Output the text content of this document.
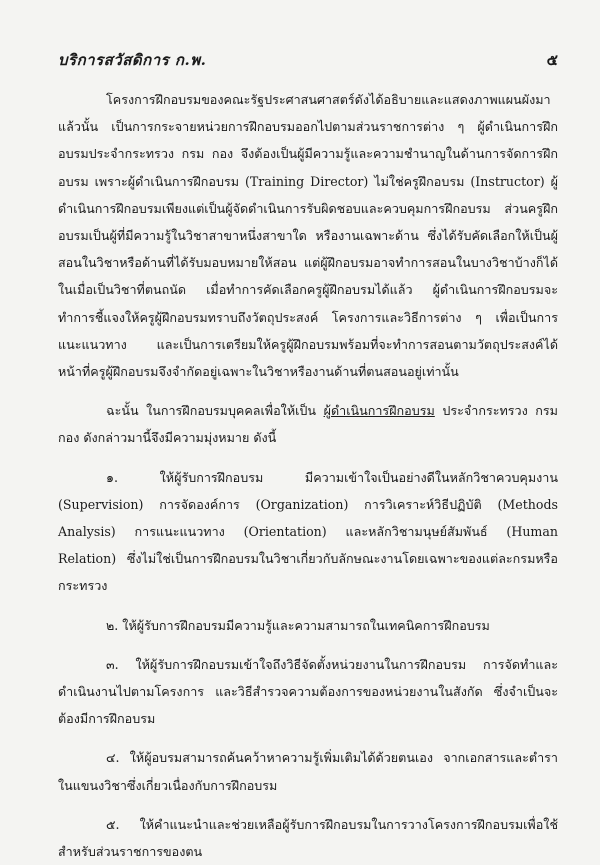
บริการสวัสดิการ ก.พ.	๕

โครงการฝึกอบรมของคณะรัฐประศาสนศาสตร์ดังได้อธิบายและแสดงภาพแผนผังมาแล้วนั้น เป็นการกระจายหน่วยการฝึกอบรมออกไปตามส่วนราชการต่าง ๆ ผู้ดำเนินการฝึกอบรมประจำกระทรวง กรม กอง จึงต้องเป็นผู้มีความรู้และความชำนาญในด้านการจัดการฝึกอบรม เพราะผู้ดำเนินการฝึกอบรม (Training Director) ไม่ใช่ครูฝึกอบรม (Instructor) ผู้ดำเนินการฝึกอบรมเพียงแต่เป็นผู้จัดดำเนินการรับผิดชอบและควบคุมการฝึกอบรม ส่วนครูฝึกอบรมเป็นผู้ที่มีความรู้ในวิชาสาขาหนึ่งสาขาใด หรืองานเฉพาะด้าน ซึ่งได้รับคัดเลือกให้เป็นผู้สอนในวิชาหรือด้านที่ได้รับมอบหมายให้สอน แต่ผู้ฝึกอบรมอาจทำการสอนในบางวิชาบ้างก็ได้ในเมื่อเป็นวิชาที่ตนถนัด เมื่อทำการคัดเลือกครูผู้ฝึกอบรมได้แล้ว ผู้ดำเนินการฝึกอบรมจะทำการชี้แจงให้ครูผู้ฝึกอบรมทราบถึงวัตถุประสงค์ โครงการและวิธีการต่าง ๆ เพื่อเป็นการแนะแนวทาง และเป็นการเตรียมให้ครูผู้ฝึกอบรมพร้อมที่จะทำการสอนตามวัตถุประสงค์ได้ หน้าที่ครูผู้ฝึกอบรมจึงจำกัดอยู่เฉพาะในวิชาหรืองานด้านที่ตนสอนอยู่เท่านั้น

ฉะนั้น ในการฝึกอบรมบุคคลเพื่อให้เป็น ผู้ดำเนินการฝึกอบรม ประจำกระทรวง กรม กอง ดังกล่าวมานี้จึงมีความมุ่งหมาย ดังนี้

๑. ให้ผู้รับการฝึกอบรม มีความเข้าใจเป็นอย่างดีในหลักวิชาควบคุมงาน (Supervision) การจัดองค์การ (Organization) การวิเคราะห์วิธีปฏิบัติ (Methods Analysis) การแนะแนวทาง (Orientation) และหลักวิชามนุษย์สัมพันธ์ (Human Relation) ซึ่งไม่ใช่เป็นการฝึกอบรมในวิชาเกี่ยวกับลักษณะงานโดยเฉพาะของแต่ละกรมหรือกระทรวง

๒. ให้ผู้รับการฝึกอบรมมีความรู้และความสามารถในเทคนิคการฝึกอบรม

๓. ให้ผู้รับการฝึกอบรมเข้าใจถึงวิธีจัดตั้งหน่วยงานในการฝึกอบรม การจัดทำและดำเนินงานไปตามโครงการ และวิธีสำรวจความต้องการของหน่วยงานในสังกัด ซึ่งจำเป็นจะต้องมีการฝึกอบรม

๔. ให้ผู้อบรมสามารถค้นคว้าหาความรู้เพิ่มเติมได้ด้วยตนเอง จากเอกสารและตำราในแขนงวิชาซึ่งเกี่ยวเนื่องกับการฝึกอบรม

๕. ให้คำแนะนำและช่วยเหลือผู้รับการฝึกอบรมในการวางโครงการฝึกอบรมเพื่อใช้สำหรับส่วนราชการของตน
